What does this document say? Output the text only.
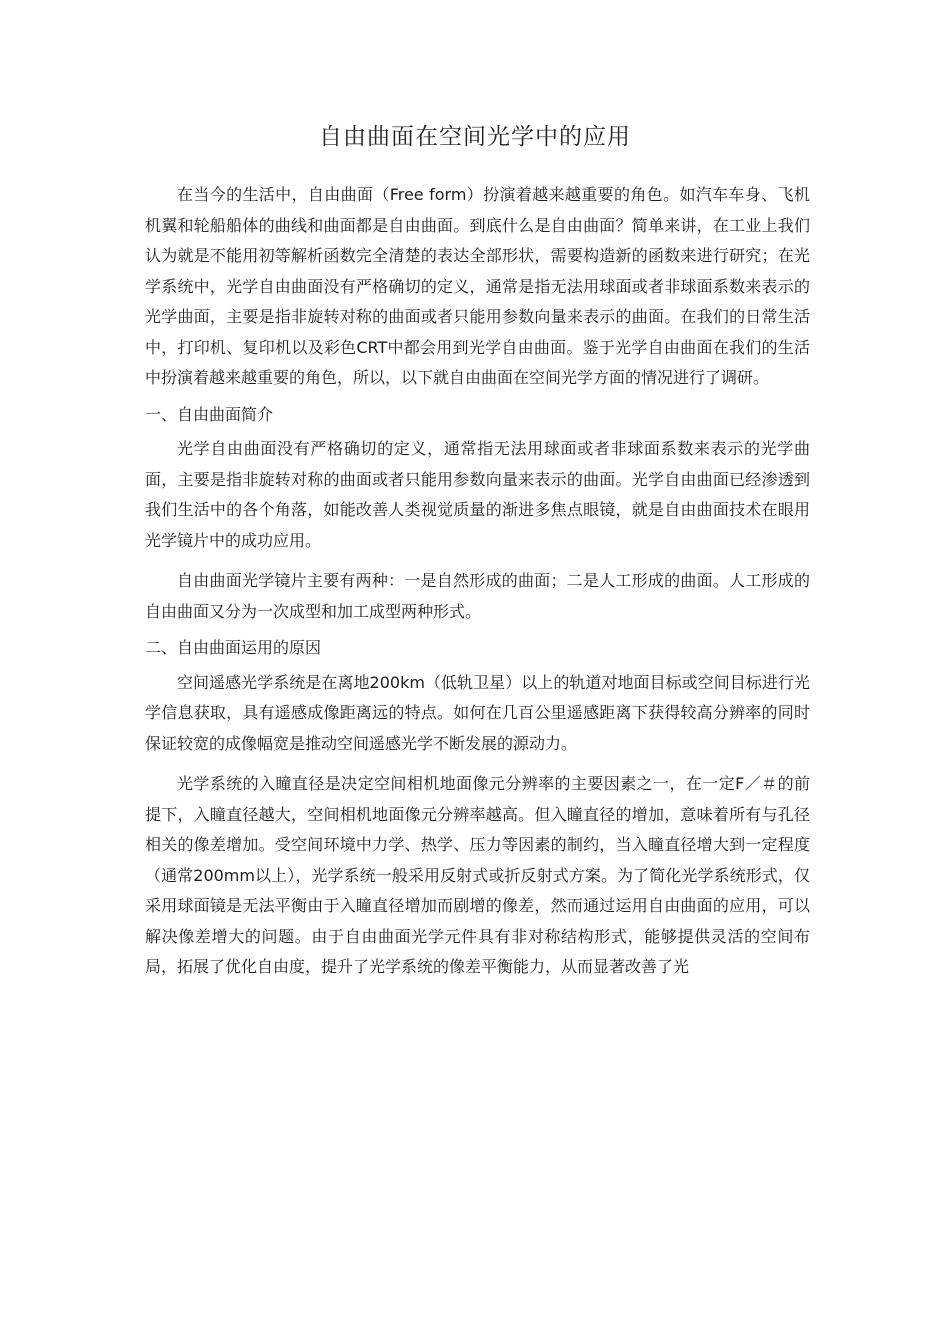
自由曲面在空间光学中的应用

在当今的生活中，自由曲面（Free form）扮演着越来越重要的角色。如汽车车身、飞机机翼和轮船船体的曲线和曲面都是自由曲面。到底什么是自由曲面？简单来讲，在工业上我们认为就是不能用初等解析函数完全清楚的表达全部形状，需要构造新的函数来进行研究；在光学系统中，光学自由曲面没有严格确切的定义，通常是指无法用球面或者非球面系数来表示的光学曲面，主要是指非旋转对称的曲面或者只能用参数向量来表示的曲面。在我们的日常生活中，打印机、复印机以及彩色CRT中都会用到光学自由曲面。鉴于光学自由曲面在我们的生活中扮演着越来越重要的角色，所以，以下就自由曲面在空间光学方面的情况进行了调研。

一、自由曲面简介

光学自由曲面没有严格确切的定义，通常指无法用球面或者非球面系数来表示的光学曲面，主要是指非旋转对称的曲面或者只能用参数向量来表示的曲面。光学自由曲面已经渗透到我们生活中的各个角落，如能改善人类视觉质量的渐进多焦点眼镜，就是自由曲面技术在眼用光学镜片中的成功应用。

自由曲面光学镜片主要有两种：一是自然形成的曲面；二是人工形成的曲面。人工形成的自由曲面又分为一次成型和加工成型两种形式。

二、自由曲面运用的原因

空间遥感光学系统是在离地200km（低轨卫星）以上的轨道对地面目标或空间目标进行光学信息获取，具有遥感成像距离远的特点。如何在几百公里遥感距离下获得较高分辨率的同时保证较宽的成像幅宽是推动空间遥感光学不断发展的源动力。

光学系统的入瞳直径是决定空间相机地面像元分辨率的主要因素之一，在一定F／＃的前提下，入瞳直径越大，空间相机地面像元分辨率越高。但入瞳直径的增加，意味着所有与孔径相关的像差增加。受空间环境中力学、热学、压力等因素的制约，当入瞳直径增大到一定程度（通常200mm以上），光学系统一般采用反射式或折反射式方案。为了简化光学系统形式，仅采用球面镜是无法平衡由于入瞳直径增加而剧增的像差，然而通过运用自由曲面的应用，可以解决像差增大的问题。由于自由曲面光学元件具有非对称结构形式，能够提供灵活的空间布局，拓展了优化自由度，提升了光学系统的像差平衡能力，从而显著改善了光
